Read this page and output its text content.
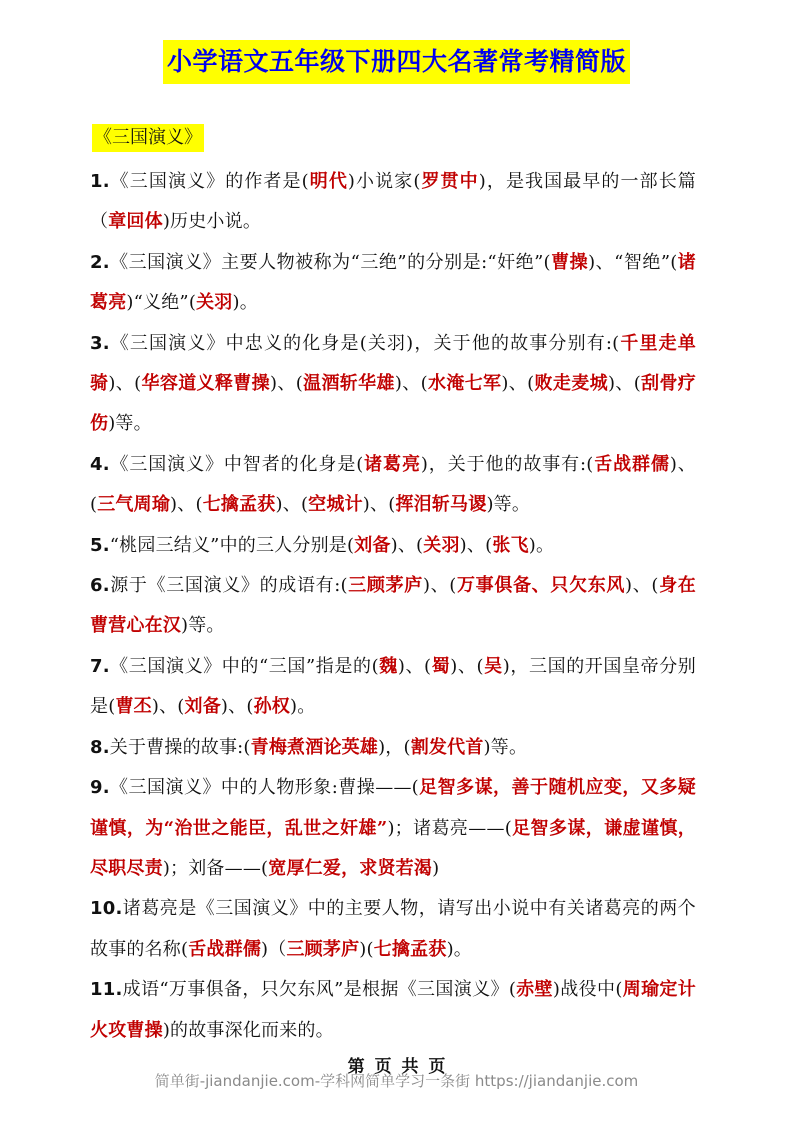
小学语文五年级下册四大名著常考精简版
《三国演义》

1.《三国演义》的作者是(明代)小说家(罗贯中)，是我国最早的一部长篇（章回体)历史小说。

2.《三国演义》主要人物被称为“三绝”的分别是:“奸绝”(曹操)、“智绝”(诸葛亮)“义绝”(关羽)。

3.《三国演义》中忠义的化身是(关羽)，关于他的故事分别有:(千里走单骑)、(华容道义释曹操)、(温酒斩华雄)、(水淹七军)、(败走麦城)、(刮骨疗伤)等。

4.《三国演义》中智者的化身是(诸葛亮)，关于他的故事有:(舌战群儒)、(三气周瑜)、(七擒孟获)、(空城计)、(挥泪斩马谡)等。

5.“桃园三结义”中的三人分别是(刘备)、(关羽)、(张飞)。

6.源于《三国演义》的成语有:(三顾茅庐)、(万事俱备、只欠东风)、(身在曹营心在汉)等。

7.《三国演义》中的“三国”指是的(魏)、(蜀)、(吴)，三国的开国皇帝分别是(曹丕)、(刘备)、(孙权)。

8.关于曹操的故事:(青梅煮酒论英雄)，(割发代首)等。

9.《三国演义》中的人物形象:曹操——(足智多谋，善于随机应变，又多疑谨慎，为“治世之能臣，乱世之奸雄”)；诸葛亮——(足智多谋，谦虚谨慎，尽职尽责)；刘备——(宽厚仁爱，求贤若渴)

10.诸葛亮是《三国演义》中的主要人物，请写出小说中有关诸葛亮的两个故事的名称(舌战群儒)（三顾茅庐)(七擒孟获)。

11.成语“万事俱备，只欠东风”是根据《三国演义》(赤壁)战役中(周瑜定计火攻曹操)的故事深化而来的。

第 页 共 页
简单街-jiandanjie.com-学科网简单学习一条街 https://jiandanjie.com
